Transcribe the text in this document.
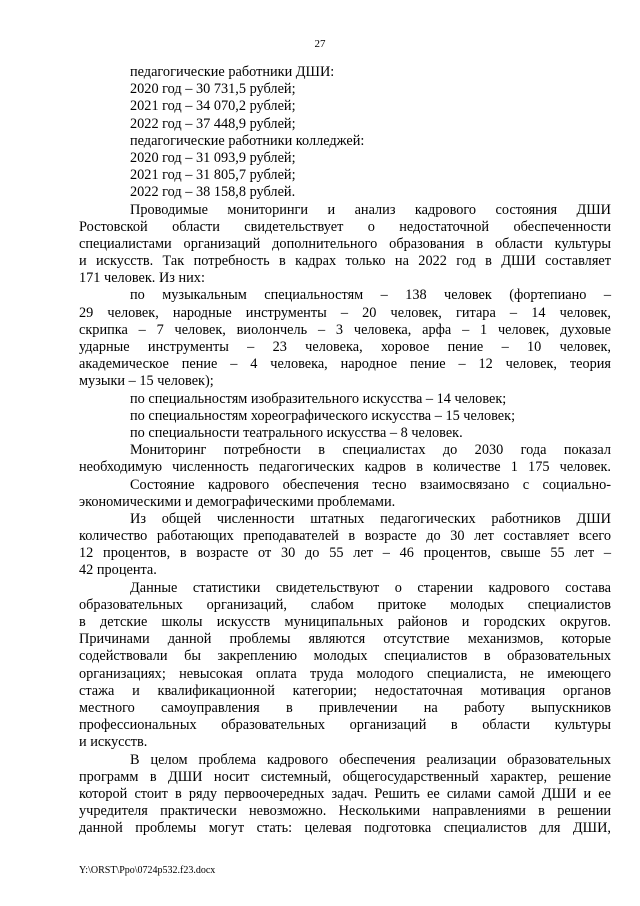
27
педагогические работники ДШИ:
2020 год – 30 731,5 рублей;
2021 год – 34 070,2 рублей;
2022 год – 37 448,9 рублей;
педагогические работники колледжей:
2020 год – 31 093,9 рублей;
2021 год – 31 805,7 рублей;
2022 год – 38 158,8 рублей.
Проводимые мониторинги и анализ кадрового состояния ДШИ
Ростовской области свидетельствует о недостаточной обеспеченности
специалистами организаций дополнительного образования в области культуры
и искусств. Так потребность в кадрах только на 2022 год в ДШИ составляет
171 человек. Из них:
по музыкальным специальностям – 138 человек (фортепиано –
29 человек, народные инструменты – 20 человек, гитара – 14 человек,
скрипка – 7 человек, виолончель – 3 человека, арфа – 1 человек, духовые
ударные инструменты – 23 человека, хоровое пение – 10 человек,
академическое пение – 4 человека, народное пение – 12 человек, теория
музыки – 15 человек);
по специальностям изобразительного искусства – 14 человек;
по специальностям хореографического искусства – 15 человек;
по специальности театрального искусства – 8 человек.
Мониторинг потребности в специалистах до 2030 года показал
необходимую численность педагогических кадров в количестве 1 175 человек.
Состояние кадрового обеспечения тесно взаимосвязано с социально-
экономическими и демографическими проблемами.
Из общей численности штатных педагогических работников ДШИ
количество работающих преподавателей в возрасте до 30 лет составляет всего
12 процентов, в возрасте от 30 до 55 лет – 46 процентов, свыше 55 лет –
42 процента.
Данные статистики свидетельствуют о старении кадрового состава
образовательных организаций, слабом притоке молодых специалистов
в детские школы искусств муниципальных районов и городских округов.
Причинами данной проблемы являются отсутствие механизмов, которые
содействовали бы закреплению молодых специалистов в образовательных
организациях; невысокая оплата труда молодого специалиста, не имеющего
стажа и квалификационной категории; недостаточная мотивация органов
местного самоуправления в привлечении на работу выпускников
профессиональных образовательных организаций в области культуры
и искусств.
В целом проблема кадрового обеспечения реализации образовательных
программ в ДШИ носит системный, общегосударственный характер, решение
которой стоит в ряду первоочередных задач. Решить ее силами самой ДШИ и ее
учредителя практически невозможно. Несколькими направлениями в решении
данной проблемы могут стать: целевая подготовка специалистов для ДШИ,
Y:\ORST\Ppo\0724p532.f23.docx
